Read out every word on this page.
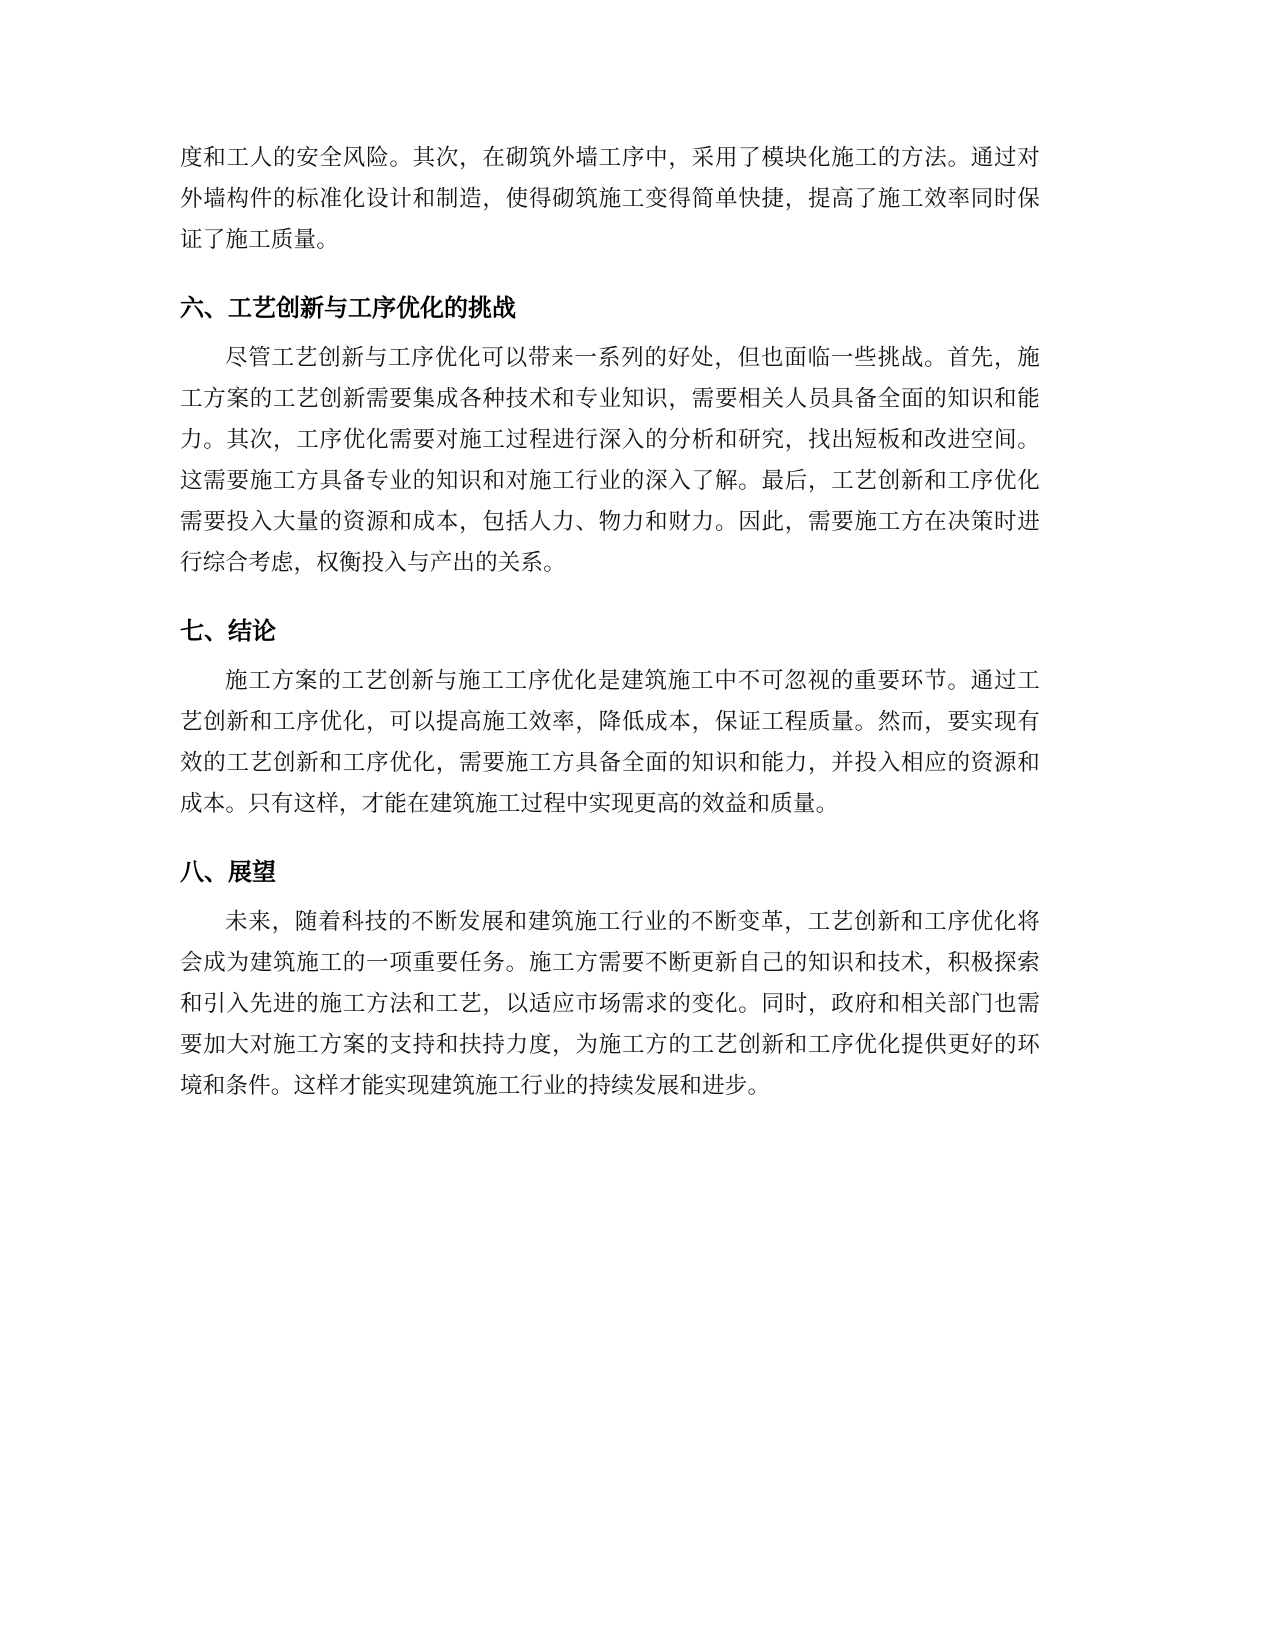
度和工人的安全风险。其次，在砌筑外墙工序中，采用了模块化施工的方法。通过对外墙构件的标准化设计和制造，使得砌筑施工变得简单快捷，提高了施工效率同时保证了施工质量。

六、工艺创新与工序优化的挑战

尽管工艺创新与工序优化可以带来一系列的好处，但也面临一些挑战。首先，施工方案的工艺创新需要集成各种技术和专业知识，需要相关人员具备全面的知识和能力。其次，工序优化需要对施工过程进行深入的分析和研究，找出短板和改进空间。这需要施工方具备专业的知识和对施工行业的深入了解。最后，工艺创新和工序优化需要投入大量的资源和成本，包括人力、物力和财力。因此，需要施工方在决策时进行综合考虑，权衡投入与产出的关系。

七、结论

施工方案的工艺创新与施工工序优化是建筑施工中不可忽视的重要环节。通过工艺创新和工序优化，可以提高施工效率，降低成本，保证工程质量。然而，要实现有效的工艺创新和工序优化，需要施工方具备全面的知识和能力，并投入相应的资源和成本。只有这样，才能在建筑施工过程中实现更高的效益和质量。

八、展望

未来，随着科技的不断发展和建筑施工行业的不断变革，工艺创新和工序优化将会成为建筑施工的一项重要任务。施工方需要不断更新自己的知识和技术，积极探索和引入先进的施工方法和工艺，以适应市场需求的变化。同时，政府和相关部门也需要加大对施工方案的支持和扶持力度，为施工方的工艺创新和工序优化提供更好的环境和条件。这样才能实现建筑施工行业的持续发展和进步。
